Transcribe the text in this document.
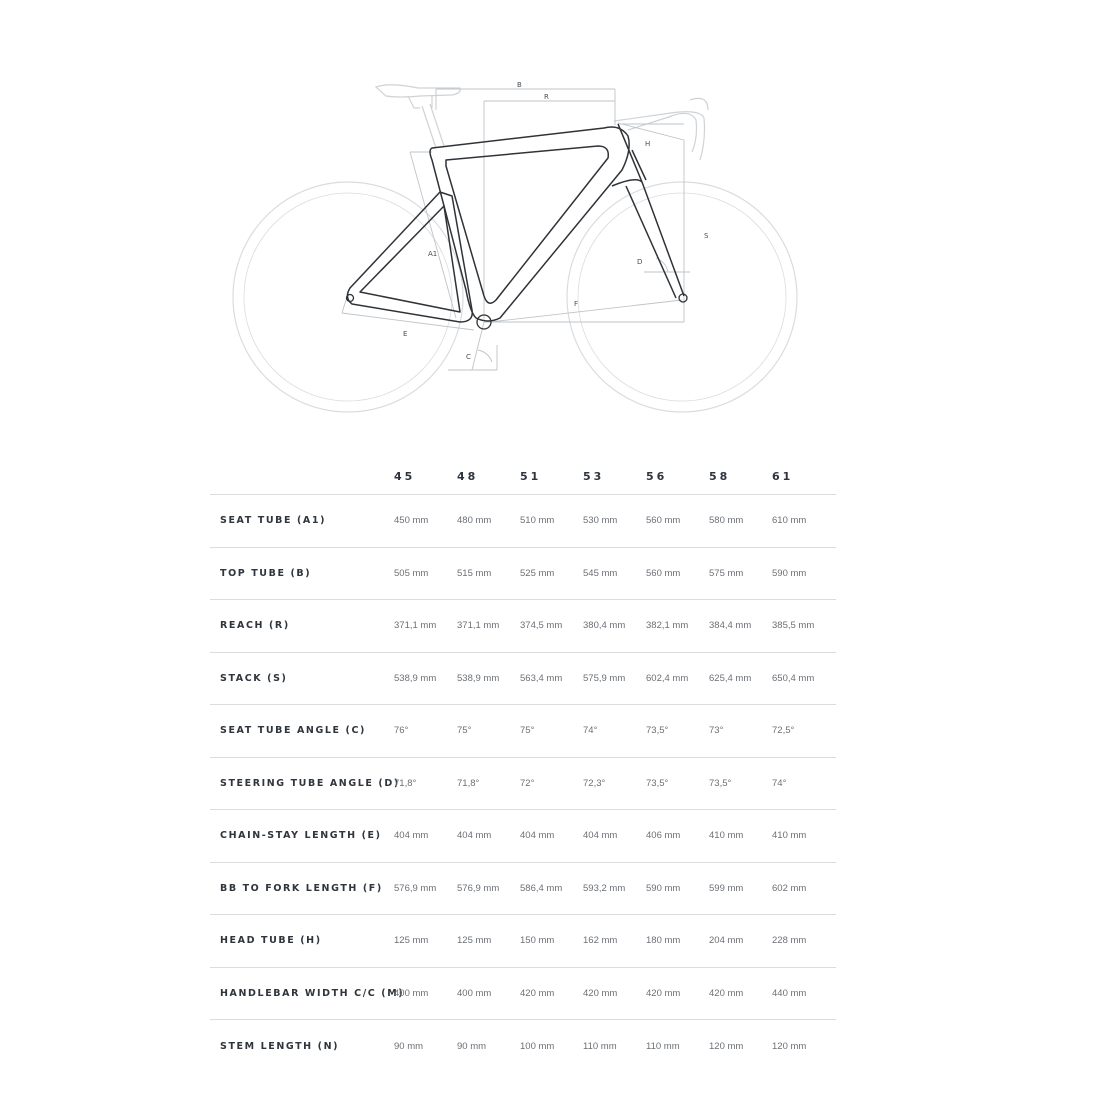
B
R
H
S
A1
D
F
E
C
	45	48	51	53	56	58	61
SEAT TUBE (A1)	450 mm	480 mm	510 mm	530 mm	560 mm	580 mm	610 mm
TOP TUBE (B)	505 mm	515 mm	525 mm	545 mm	560 mm	575 mm	590 mm
REACH (R)	371,1 mm	371,1 mm	374,5 mm	380,4 mm	382,1 mm	384,4 mm	385,5 mm
STACK (S)	538,9 mm	538,9 mm	563,4 mm	575,9 mm	602,4 mm	625,4 mm	650,4 mm
SEAT TUBE ANGLE (C)	76°	75°	75°	74°	73,5°	73°	72,5°
STEERING TUBE ANGLE (D)	71,8°	71,8°	72°	72,3°	73,5°	73,5°	74°
CHAIN-STAY LENGTH (E)	404 mm	404 mm	404 mm	404 mm	406 mm	410 mm	410 mm
BB TO FORK LENGTH (F)	576,9 mm	576,9 mm	586,4 mm	593,2 mm	590 mm	599 mm	602 mm
HEAD TUBE (H)	125 mm	125 mm	150 mm	162 mm	180 mm	204 mm	228 mm
HANDLEBAR WIDTH C/C (M)	400 mm	400 mm	420 mm	420 mm	420 mm	420 mm	440 mm
STEM LENGTH (N)	90 mm	90 mm	100 mm	110 mm	110 mm	120 mm	120 mm
